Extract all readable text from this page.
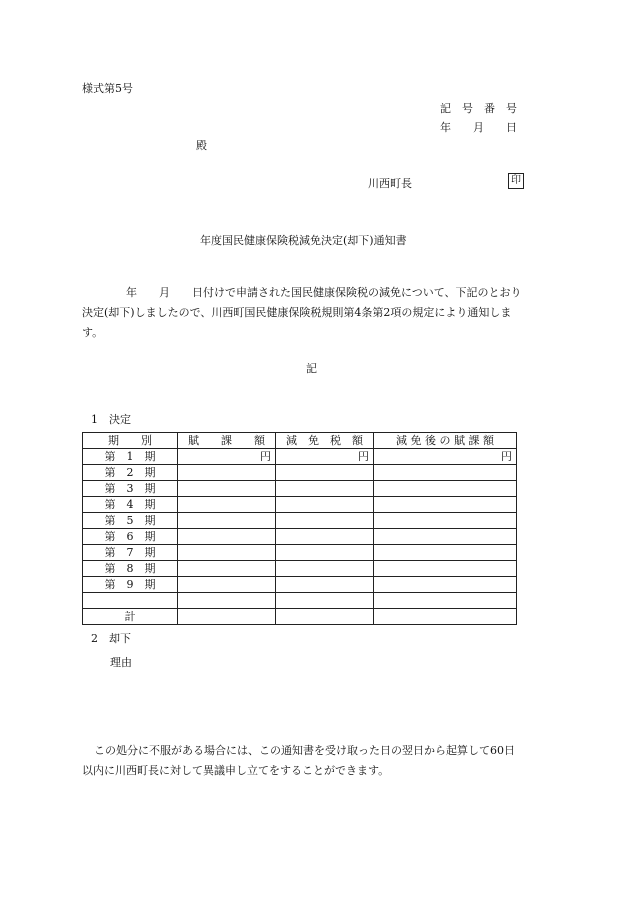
様式第5号
記　号　番　号
年　　月　　日
殿
川西町長	印
年度国民健康保険税減免決定(却下)通知書
年　　月　　日付けで申請された国民健康保険税の減免について、下記のとおり
決定(却下)しましたので、川西町国民健康保険税規則第4条第2項の規定により通知しま
す。
記
1　決定
期　　別	賦　　課　　額	減　免　税　額	減 免 後 の 賦 課 額
第　1　期	円	円	円
第　2　期			
第　3　期			
第　4　期			
第　5　期			
第　6　期			
第　7　期			
第　8　期			
第　9　期			

計			
2　却下
理由
この処分に不服がある場合には、この通知書を受け取った日の翌日から起算して60日
以内に川西町長に対して異議申し立てをすることができます。
